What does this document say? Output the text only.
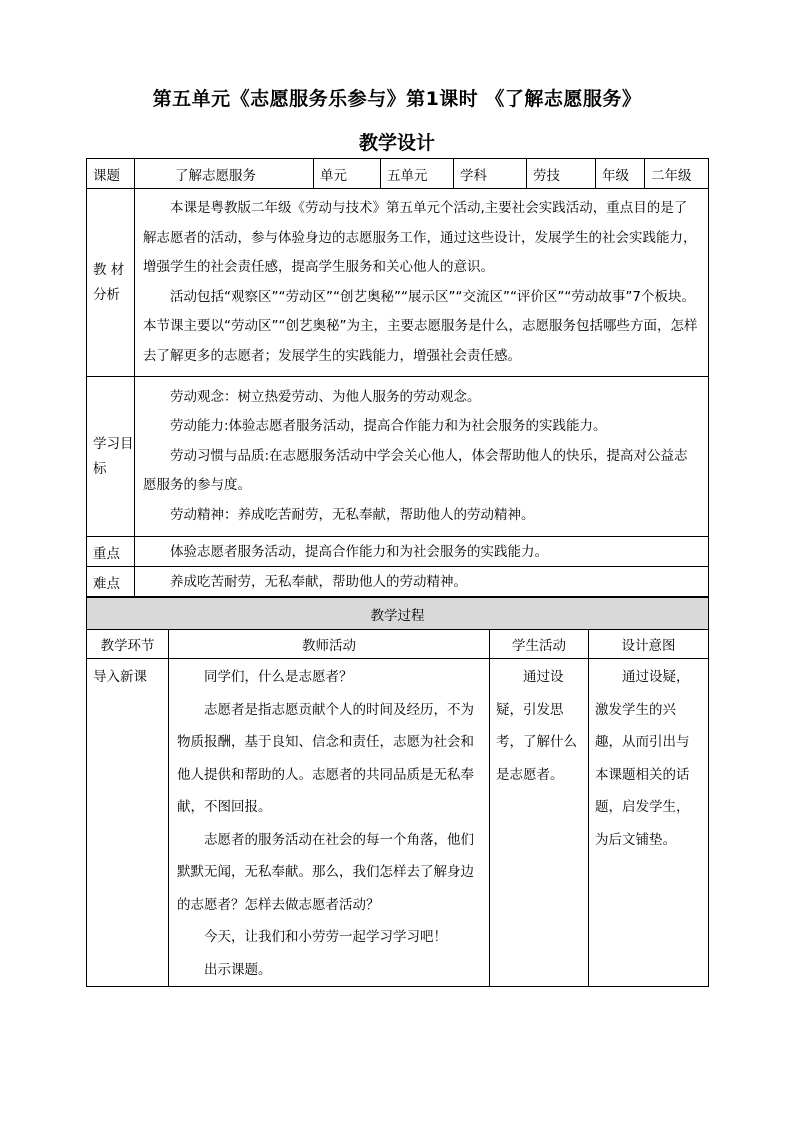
第五单元《志愿服务乐参与》第1课时 《了解志愿服务》
教学设计
课题	了解志愿服务	单元	五单元	学科	劳技	年级	二年级
教 材分析	本课是粤教版二年级《劳动与技术》第五单元个活动,主要社会实践活动，重点目的是了解志愿者的活动，参与体验身边的志愿服务工作，通过这些设计，发展学生的社会实践能力，增强学生的社会责任感，提高学生服务和关心他人的意识。

活动包括“观察区”“劳动区”“创艺奥秘”“展示区”“交流区”“评价区”“劳动故事”7个板块。本节课主要以“劳动区”“创艺奥秘”为主，主要志愿服务是什么，志愿服务包括哪些方面，怎样去了解更多的志愿者；发展学生的实践能力，增强社会责任感。						

学习目标	劳动观念：树立热爱劳动、为他人服务的劳动观念。

劳动能力:体验志愿者服务活动，提高合作能力和为社会服务的实践能力。

劳动习惯与品质:在志愿服务活动中学会关心他人，体会帮助他人的快乐，提高对公益志愿服务的参与度。

劳动精神：养成吃苦耐劳，无私奉献，帮助他人的劳动精神。						

重点	体验志愿者服务活动，提高合作能力和为社会服务的实践能力。						

难点	养成吃苦耐劳，无私奉献，帮助他人的劳动精神。						

教学过程			
教学环节	教师活动	学生活动	设计意图
导入新课	同学们，什么是志愿者？

志愿者是指志愿贡献个人的时间及经历，不为物质报酬，基于良知、信念和责任，志愿为社会和他人提供和帮助的人。志愿者的共同品质是无私奉献，不图回报。

志愿者的服务活动在社会的每一个角落，他们默默无闻，无私奉献。那么，我们怎样去了解身边的志愿者？怎样去做志愿者活动？

今天，让我们和小劳劳一起学习学习吧！

出示课题。	通过设疑，引发思考，了解什么是志愿者。	通过设疑，激发学生的兴趣，从而引出与本课题相关的话题，启发学生，为后文铺垫。
